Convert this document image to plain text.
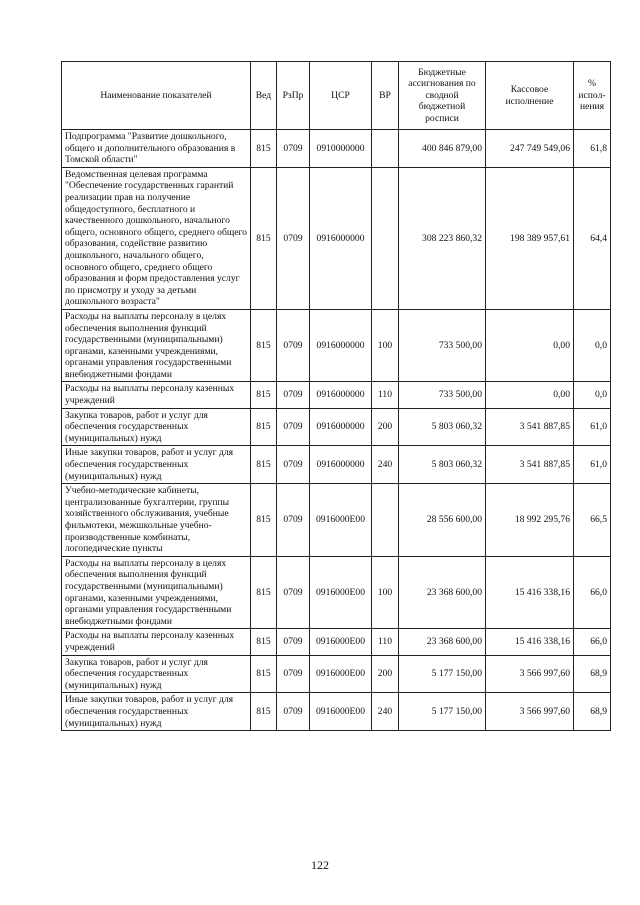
Наименование показателей	Вед	РзПр	ЦСР	ВР	Бюджетные ассигнования по сводной бюджетной росписи	Кассовое исполнение	% испол-нения
Подпрограмма "Развитие дошкольного, общего и дополнительного образования в Томской области"	815	0709	0910000000		400 846 879,00	247 749 549,06	61,8
Ведомственная целевая программа "Обеспечение государственных гарантий реализации прав на получение общедоступного, бесплатного и качественного дошкольного, начального общего, основного общего, среднего общего образования, содействие развитию дошкольного, начального общего, основного общего, среднего общего образования и форм предоставления услуг по присмотру и уходу за детьми дошкольного возраста"	815	0709	0916000000		308 223 860,32	198 389 957,61	64,4
Расходы на выплаты персоналу в целях обеспечения выполнения функций государственными (муниципальными) органами, казенными учреждениями, органами управления государственными внебюджетными фондами	815	0709	0916000000	100	733 500,00	0,00	0,0
Расходы на выплаты персоналу казенных учреждений	815	0709	0916000000	110	733 500,00	0,00	0,0
Закупка товаров, работ и услуг для обеспечения государственных (муниципальных) нужд	815	0709	0916000000	200	5 803 060,32	3 541 887,85	61,0
Иные закупки товаров, работ и услуг для обеспечения государственных (муниципальных) нужд	815	0709	0916000000	240	5 803 060,32	3 541 887,85	61,0
Учебно-методические кабинеты, централизованные бухгалтерии, группы хозяйственного обслуживания, учебные фильмотеки, межшкольные учебно-производственные комбинаты, логопедические пункты	815	0709	0916000Е00		28 556 600,00	18 992 295,76	66,5
Расходы на выплаты персоналу в целях обеспечения выполнения функций государственными (муниципальными) органами, казенными учреждениями, органами управления государственными внебюджетными фондами	815	0709	0916000Е00	100	23 368 600,00	15 416 338,16	66,0
Расходы на выплаты персоналу казенных учреждений	815	0709	0916000Е00	110	23 368 600,00	15 416 338,16	66,0
Закупка товаров, работ и услуг для обеспечения государственных (муниципальных) нужд	815	0709	0916000Е00	200	5 177 150,00	3 566 997,60	68,9
Иные закупки товаров, работ и услуг для обеспечения государственных (муниципальных) нужд	815	0709	0916000Е00	240	5 177 150,00	3 566 997,60	68,9
122
